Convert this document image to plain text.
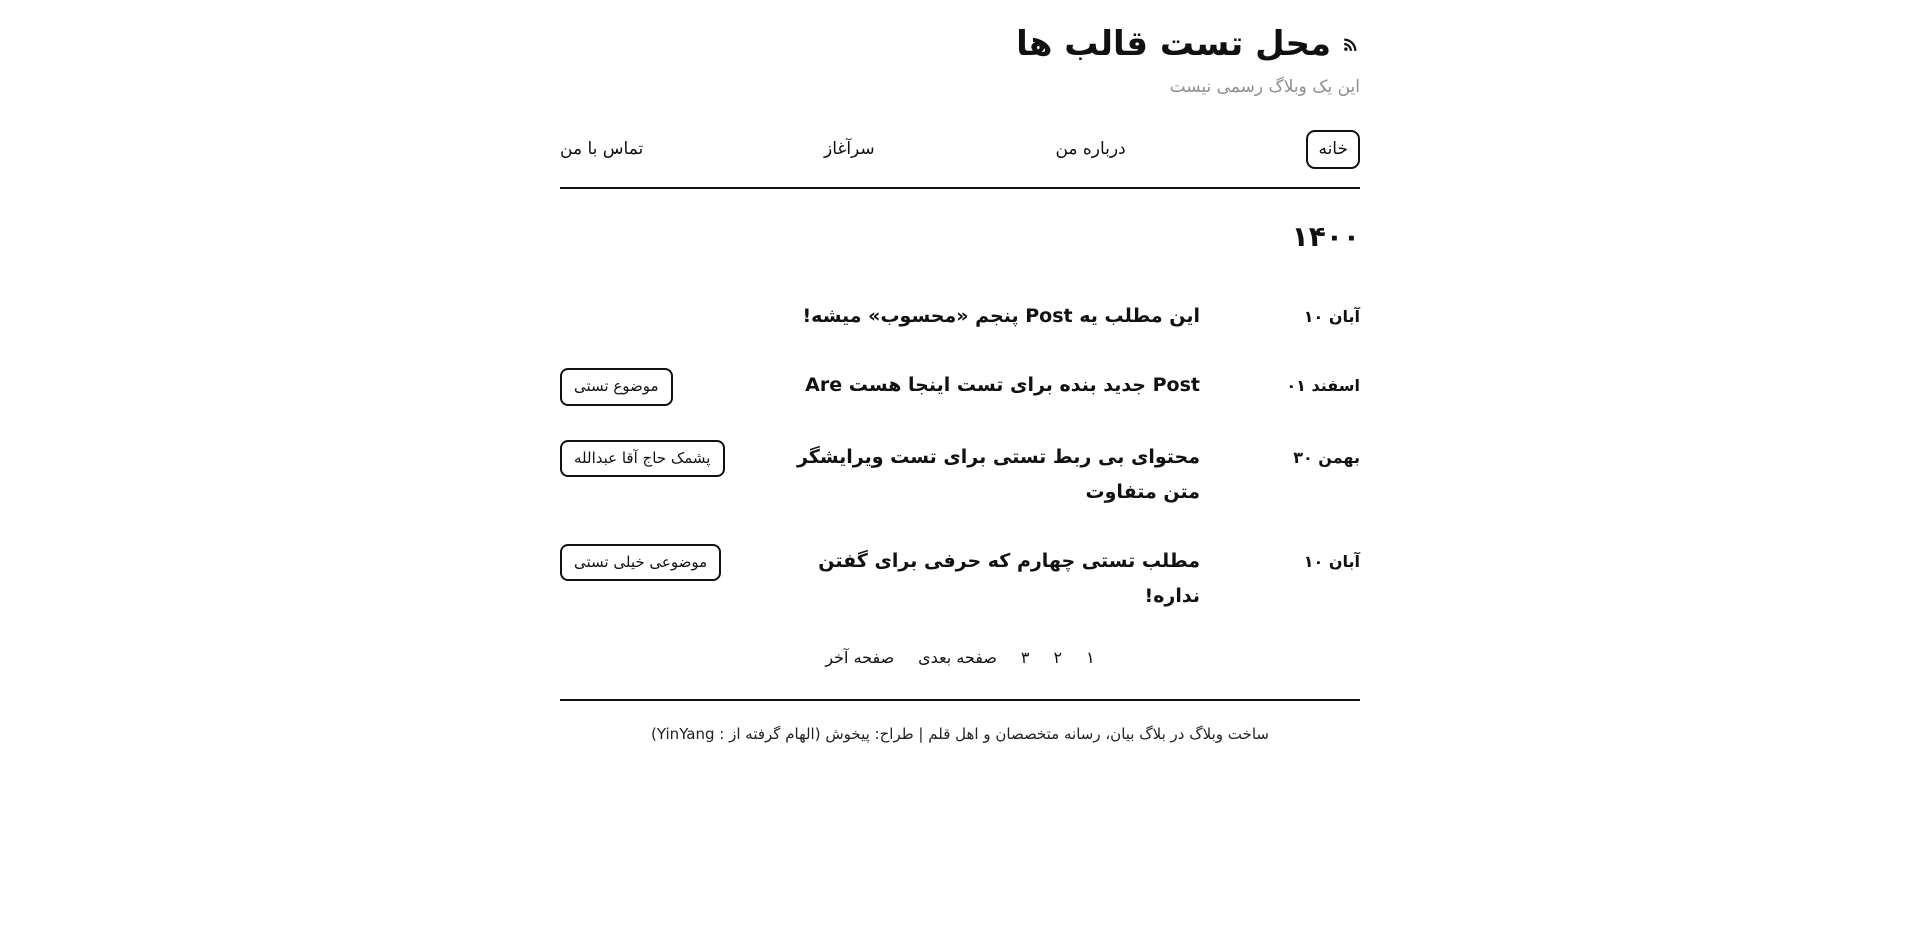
محل تست قالب ها

این یک وبلاگ رسمی نیست

خانه
درباره من
سرآغاز
تماس با من
۱۴۰۰
۱۰ آبان
این مطلب یه Post پنجم «محسوب» میشه!
۰۱ اسفند
Post جدید بنده برای تست اینجا هست Are
موضوع تستی
۳۰ بهمن
محتوای بی ربط تستی برای تست ویرایشگر متن متفاوت
پشمک حاج آقا عبدالله
۱۰ آبان
مطلب تستی چهارم که حرفی برای گفتن نداره!
موضوعی خیلی تستی
۱
۲
۳
صفحه بعدی
صفحه آخر

ساخت وبلاگ در بلاگ بیان، رسانه متخصصان و اهل قلم | طراح: پیخوش (الهام گرفته از : YinYang)
